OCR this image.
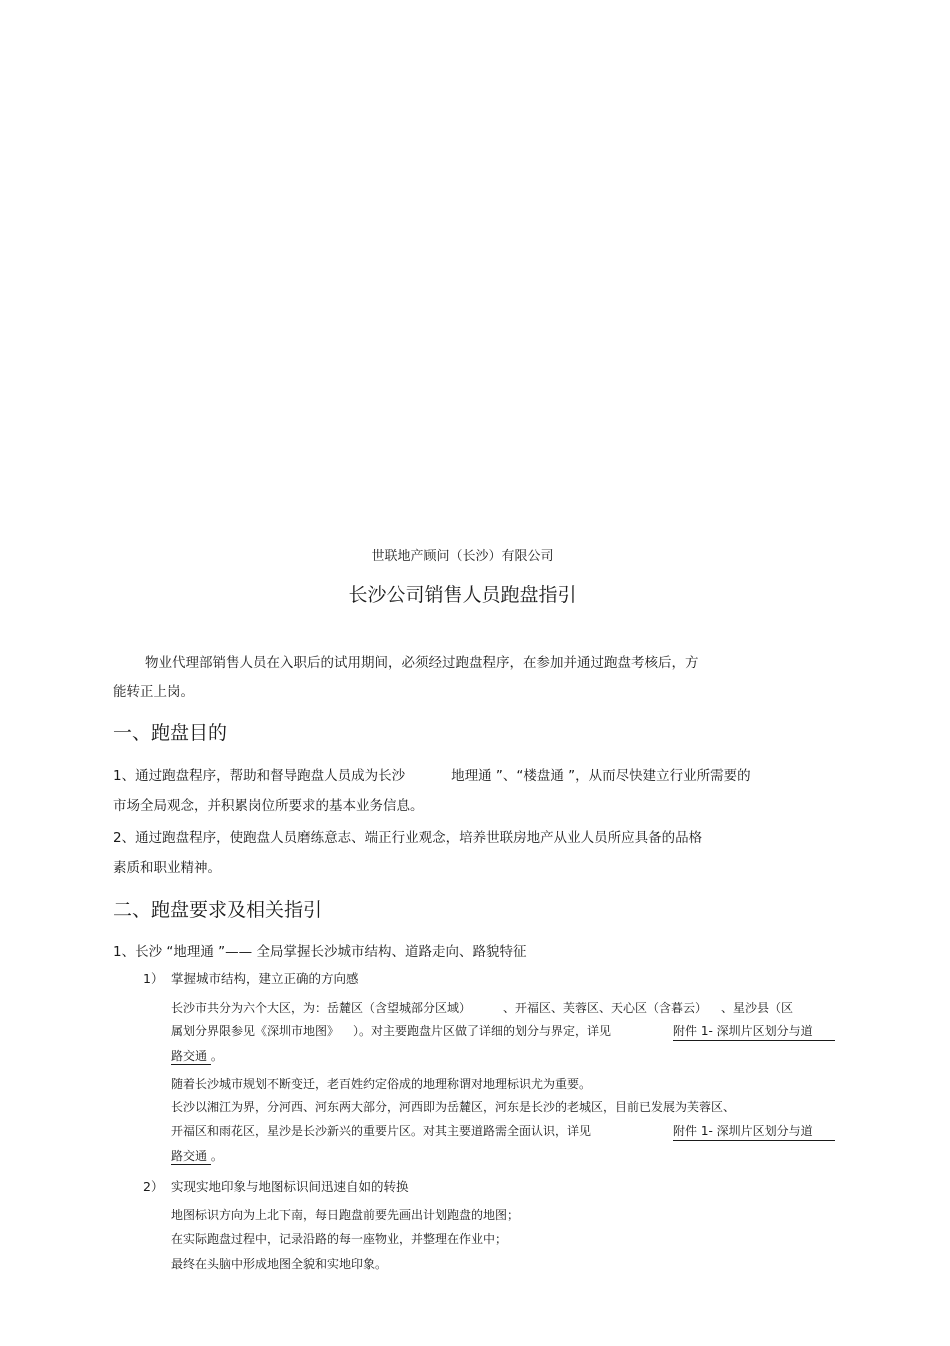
世联地产顾问（长沙）有限公司
长沙公司销售人员跑盘指引
物业代理部销售人员在入职后的试用期间，必须经过跑盘程序，在参加并通过跑盘考核后，方
能转正上岗。
一、跑盘目的
1、通过跑盘程序，帮助和督导跑盘人员成为长沙	地理通 ”、“楼盘通 ”，从而尽快建立行业所需要的
市场全局观念，并积累岗位所要求的基本业务信息。
2、通过跑盘程序，使跑盘人员磨练意志、端正行业观念，培养世联房地产从业人员所应具备的品格
素质和职业精神。
二、跑盘要求及相关指引
1、长沙 “地理通 ”—— 全局掌握长沙城市结构、道路走向、路貌特征
1） 掌握城市结构，建立正确的方向感
长沙市共分为六个大区，为：岳麓区（含望城部分区域）	、开福区、芙蓉区、天心区（含暮云） 、星沙县（区
属划分界限参见《深圳市地图》 ）。对主要跑盘片区做了详细的划分与界定，详见	附件 1- 深圳片区划分与道
路交通 。
随着长沙城市规划不断变迁，老百姓约定俗成的地理称谓对地理标识尤为重要。
长沙以湘江为界，分河西、河东两大部分，河西即为岳麓区，河东是长沙的老城区，目前已发展为芙蓉区、
开福区和雨花区，星沙是长沙新兴的重要片区。对其主要道路需全面认识，详见	附件 1- 深圳片区划分与道
路交通 。
2） 实现实地印象与地图标识间迅速自如的转换
地图标识方向为上北下南，每日跑盘前要先画出计划跑盘的地图；
在实际跑盘过程中，记录沿路的每一座物业，并整理在作业中；
最终在头脑中形成地图全貌和实地印象。
